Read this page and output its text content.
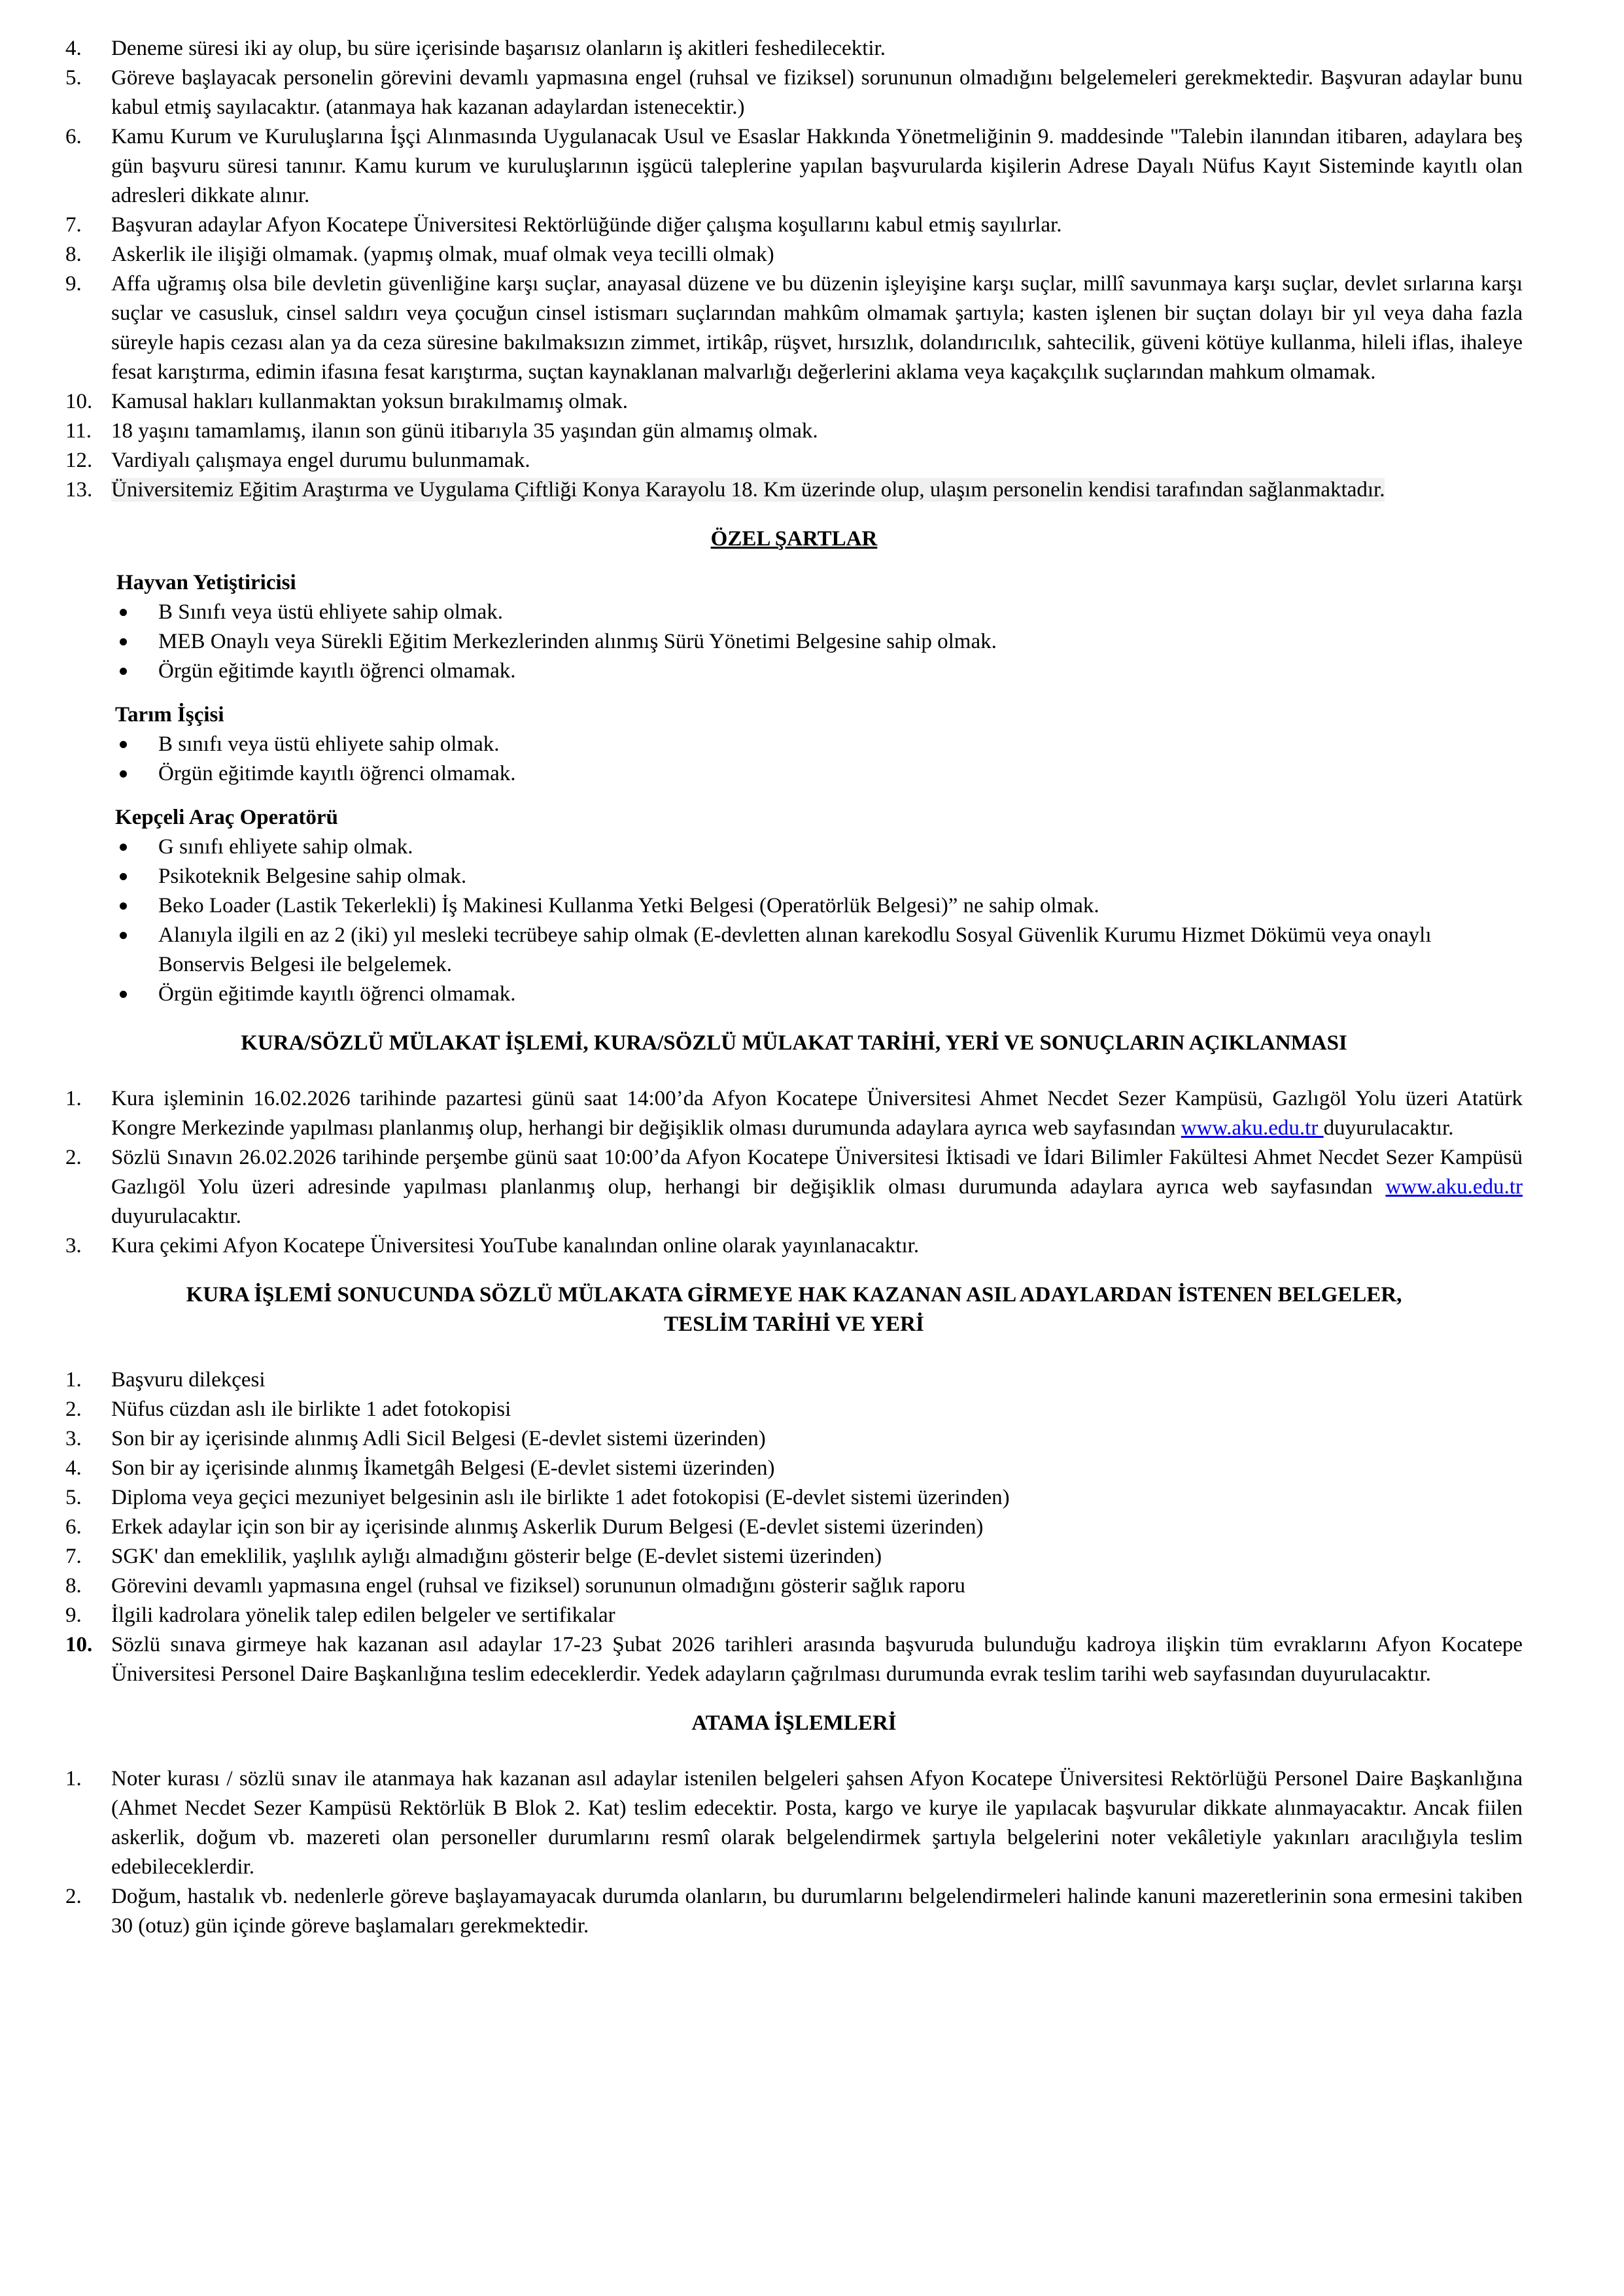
4. Deneme süresi iki ay olup, bu süre içerisinde başarısız olanların iş akitleri feshedilecektir.
5. Göreve başlayacak personelin görevini devamlı yapmasına engel (ruhsal ve fiziksel) sorununun olmadığını belgelemeleri gerekmektedir. Başvuran adaylar bunu kabul etmiş sayılacaktır. (atanmaya hak kazanan adaylardan istenecektir.)
6. Kamu Kurum ve Kuruluşlarına İşçi Alınmasında Uygulanacak Usul ve Esaslar Hakkında Yönetmeliğinin 9. maddesinde "Talebin ilanından itibaren, adaylara beş gün başvuru süresi tanınır. Kamu kurum ve kuruluşlarının işgücü taleplerine yapılan başvurularda kişilerin Adrese Dayalı Nüfus Kayıt Sisteminde kayıtlı olan adresleri dikkate alınır.
7. Başvuran adaylar Afyon Kocatepe Üniversitesi Rektörlüğünde diğer çalışma koşullarını kabul etmiş sayılırlar.
8. Askerlik ile ilişiği olmamak. (yapmış olmak, muaf olmak veya tecilli olmak)
9. Affa uğramış olsa bile devletin güvenliğine karşı suçlar, anayasal düzene ve bu düzenin işleyişine karşı suçlar, millî savunmaya karşı suçlar, devlet sırlarına karşı suçlar ve casusluk, cinsel saldırı veya çocuğun cinsel istismarı suçlarından mahkûm olmamak şartıyla; kasten işlenen bir suçtan dolayı bir yıl veya daha fazla süreyle hapis cezası alan ya da ceza süresine bakılmaksızın zimmet, irtikâp, rüşvet, hırsızlık, dolandırıcılık, sahtecilik, güveni kötüye kullanma, hileli iflas, ihaleye fesat karıştırma, edimin ifasına fesat karıştırma, suçtan kaynaklanan malvarlığı değerlerini aklama veya kaçakçılık suçlarından mahkum olmamak.
10. Kamusal hakları kullanmaktan yoksun bırakılmamış olmak.
11. 18 yaşını tamamlamış, ilanın son günü itibarıyla 35 yaşından gün almamış olmak.
12. Vardiyalı çalışmaya engel durumu bulunmamak.
13. Üniversitemiz Eğitim Araştırma ve Uygulama Çiftliği Konya Karayolu 18. Km üzerinde olup, ulaşım personelin kendisi tarafından sağlanmaktadır.
ÖZEL ŞARTLAR
Hayvan Yetiştiricisi
B Sınıfı veya üstü ehliyete sahip olmak.
MEB Onaylı veya Sürekli Eğitim Merkezlerinden alınmış Sürü Yönetimi Belgesine sahip olmak.
Örgün eğitimde kayıtlı öğrenci olmamak.
Tarım İşçisi
B sınıfı veya üstü ehliyete sahip olmak.
Örgün eğitimde kayıtlı öğrenci olmamak.
Kepçeli Araç Operatörü
G sınıfı ehliyete sahip olmak.
Psikoteknik Belgesine sahip olmak.
Beko Loader (Lastik Tekerlekli) İş Makinesi Kullanma Yetki Belgesi (Operatörlük Belgesi)” ne sahip olmak.
Alanıyla ilgili en az 2 (iki) yıl mesleki tecrübeye sahip olmak (E-devletten alınan karekodlu Sosyal Güvenlik Kurumu Hizmet Dökümü veya onaylı Bonservis Belgesi ile belgelemek.
Örgün eğitimde kayıtlı öğrenci olmamak.
KURA/SÖZLÜ MÜLAKAT İŞLEMİ, KURA/SÖZLÜ MÜLAKAT TARİHİ, YERİ VE SONUÇLARIN AÇIKLANMASI
1. Kura işleminin 16.02.2026 tarihinde pazartesi günü saat 14:00’da Afyon Kocatepe Üniversitesi Ahmet Necdet Sezer Kampüsü, Gazlıgöl Yolu üzeri Atatürk Kongre Merkezinde yapılması planlanmış olup, herhangi bir değişiklik olması durumunda adaylara ayrıca web sayfasından www.aku.edu.tr duyurulacaktır.
2. Sözlü Sınavın 26.02.2026 tarihinde perşembe günü saat 10:00’da Afyon Kocatepe Üniversitesi İktisadi ve İdari Bilimler Fakültesi Ahmet Necdet Sezer Kampüsü Gazlıgöl Yolu üzeri adresinde yapılması planlanmış olup, herhangi bir değişiklik olması durumunda adaylara ayrıca web sayfasından www.aku.edu.tr duyurulacaktır.
3. Kura çekimi Afyon Kocatepe Üniversitesi YouTube kanalından online olarak yayınlanacaktır.
KURA İŞLEMİ SONUCUNDA SÖZLÜ MÜLAKATA GİRMEYE HAK KAZANAN ASIL ADAYLARDAN İSTENEN BELGELER,
TESLİM TARİHİ VE YERİ
1. Başvuru dilekçesi
2. Nüfus cüzdan aslı ile birlikte 1 adet fotokopisi
3. Son bir ay içerisinde alınmış Adli Sicil Belgesi (E-devlet sistemi üzerinden)
4. Son bir ay içerisinde alınmış İkametgâh Belgesi (E-devlet sistemi üzerinden)
5. Diploma veya geçici mezuniyet belgesinin aslı ile birlikte 1 adet fotokopisi (E-devlet sistemi üzerinden)
6. Erkek adaylar için son bir ay içerisinde alınmış Askerlik Durum Belgesi (E-devlet sistemi üzerinden)
7. SGK' dan emeklilik, yaşlılık aylığı almadığını gösterir belge (E-devlet sistemi üzerinden)
8. Görevini devamlı yapmasına engel (ruhsal ve fiziksel) sorununun olmadığını gösterir sağlık raporu
9. İlgili kadrolara yönelik talep edilen belgeler ve sertifikalar
10. Sözlü sınava girmeye hak kazanan asıl adaylar 17-23 Şubat 2026 tarihleri arasında başvuruda bulunduğu kadroya ilişkin tüm evraklarını Afyon Kocatepe Üniversitesi Personel Daire Başkanlığına teslim edeceklerdir. Yedek adayların çağrılması durumunda evrak teslim tarihi web sayfasından duyurulacaktır.
ATAMA İŞLEMLERİ
1. Noter kurası / sözlü sınav ile atanmaya hak kazanan asıl adaylar istenilen belgeleri şahsen Afyon Kocatepe Üniversitesi Rektörlüğü Personel Daire Başkanlığına (Ahmet Necdet Sezer Kampüsü Rektörlük B Blok 2. Kat) teslim edecektir. Posta, kargo ve kurye ile yapılacak başvurular dikkate alınmayacaktır. Ancak fiilen askerlik, doğum vb. mazereti olan personeller durumlarını resmî olarak belgelendirmek şartıyla belgelerini noter vekâletiyle yakınları aracılığıyla teslim edebileceklerdir.
2. Doğum, hastalık vb. nedenlerle göreve başlayamayacak durumda olanların, bu durumlarını belgelendirmeleri halinde kanuni mazeretlerinin sona ermesini takiben 30 (otuz) gün içinde göreve başlamaları gerekmektedir.
